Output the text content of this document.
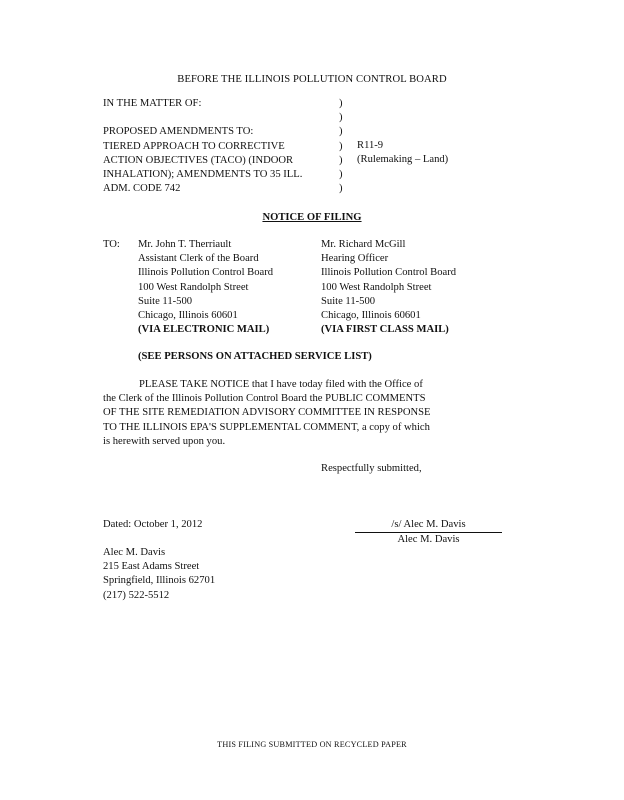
BEFORE THE ILLINOIS POLLUTION CONTROL BOARD
IN THE MATTER OF:
PROPOSED AMENDMENTS TO:
TIERED APPROACH TO CORRECTIVE
ACTION OBJECTIVES (TACO) (INDOOR
INHALATION); AMENDMENTS TO 35 ILL.
ADM. CODE 742
)
)
)
)
)
)
)
R11-9
(Rulemaking – Land)
NOTICE OF FILING
TO: Mr. John T. Therriault
Assistant Clerk of the Board
Illinois Pollution Control Board
100 West Randolph Street
Suite 11-500
Chicago, Illinois 60601
(VIA ELECTRONIC MAIL)
Mr. Richard McGill
Hearing Officer
Illinois Pollution Control Board
100 West Randolph Street
Suite 11-500
Chicago, Illinois 60601
(VIA FIRST CLASS MAIL)
(SEE PERSONS ON ATTACHED SERVICE LIST)
PLEASE TAKE NOTICE that I have today filed with the Office of the Clerk of the Illinois Pollution Control Board the PUBLIC COMMENTS OF THE SITE REMEDIATION ADVISORY COMMITTEE IN RESPONSE TO THE ILLINOIS EPA'S SUPPLEMENTAL COMMENT, a copy of which is herewith served upon you.
Respectfully submitted,
Dated: October 1, 2012	/s/ Alec M. Davis
Alec M. Davis
Alec M. Davis
215 East Adams Street
Springfield, Illinois 62701
(217) 522-5512
THIS FILING SUBMITTED ON RECYCLED PAPER
